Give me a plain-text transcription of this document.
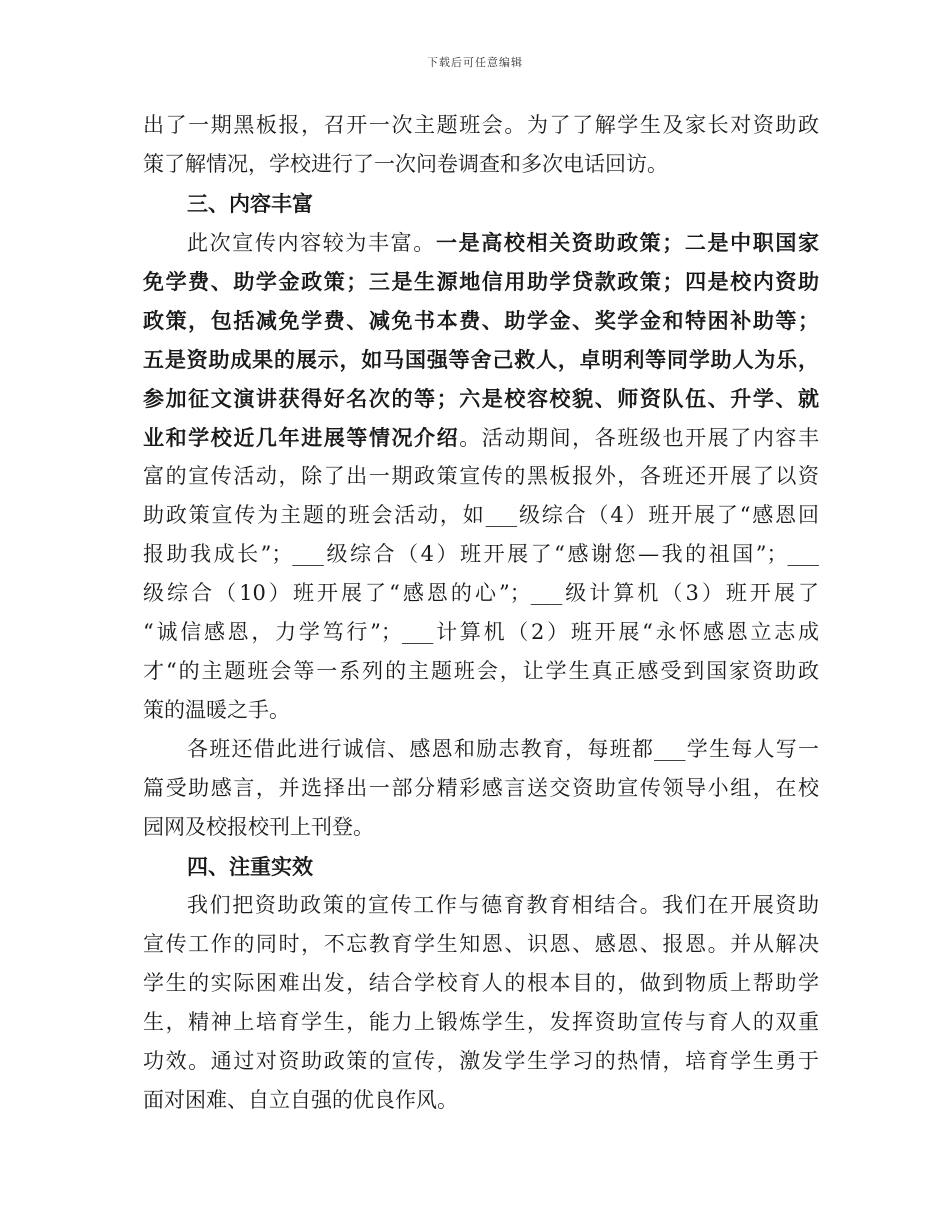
下载后可任意编辑
出了一期黑板报，召开一次主题班会。为了了解学生及家长对资助政
策了解情况，学校进行了一次问卷调查和多次电话回访。
三、内容丰富
此次宣传内容较为丰富。一是高校相关资助政策；二是中职国家
免学费、助学金政策；三是生源地信用助学贷款政策；四是校内资助
政策，包括减免学费、减免书本费、助学金、奖学金和特困补助等；
五是资助成果的展示，如马国强等舍己救人，卓明利等同学助人为乐，
参加征文演讲获得好名次的等；六是校容校貌、师资队伍、升学、就
业和学校近几年进展等情况介绍。活动期间，各班级也开展了内容丰
富的宣传活动，除了出一期政策宣传的黑板报外，各班还开展了以资
助政策宣传为主题的班会活动，如___级综合（4）班开展了“感恩回
报助我成长”；___级综合（4）班开展了“感谢您—我的祖国”；___
级综合（10）班开展了“感恩的心”；___级计算机（3）班开展了
“诚信感恩，力学笃行”；___计算机（2）班开展“永怀感恩立志成
才“的主题班会等一系列的主题班会，让学生真正感受到国家资助政
策的温暖之手。
各班还借此进行诚信、感恩和励志教育，每班都___学生每人写一
篇受助感言，并选择出一部分精彩感言送交资助宣传领导小组，在校
园网及校报校刊上刊登。
四、注重实效
我们把资助政策的宣传工作与德育教育相结合。我们在开展资助
宣传工作的同时，不忘教育学生知恩、识恩、感恩、报恩。并从解决
学生的实际困难出发，结合学校育人的根本目的，做到物质上帮助学
生，精神上培育学生，能力上锻炼学生，发挥资助宣传与育人的双重
功效。通过对资助政策的宣传，激发学生学习的热情，培育学生勇于
面对困难、自立自强的优良作风。
